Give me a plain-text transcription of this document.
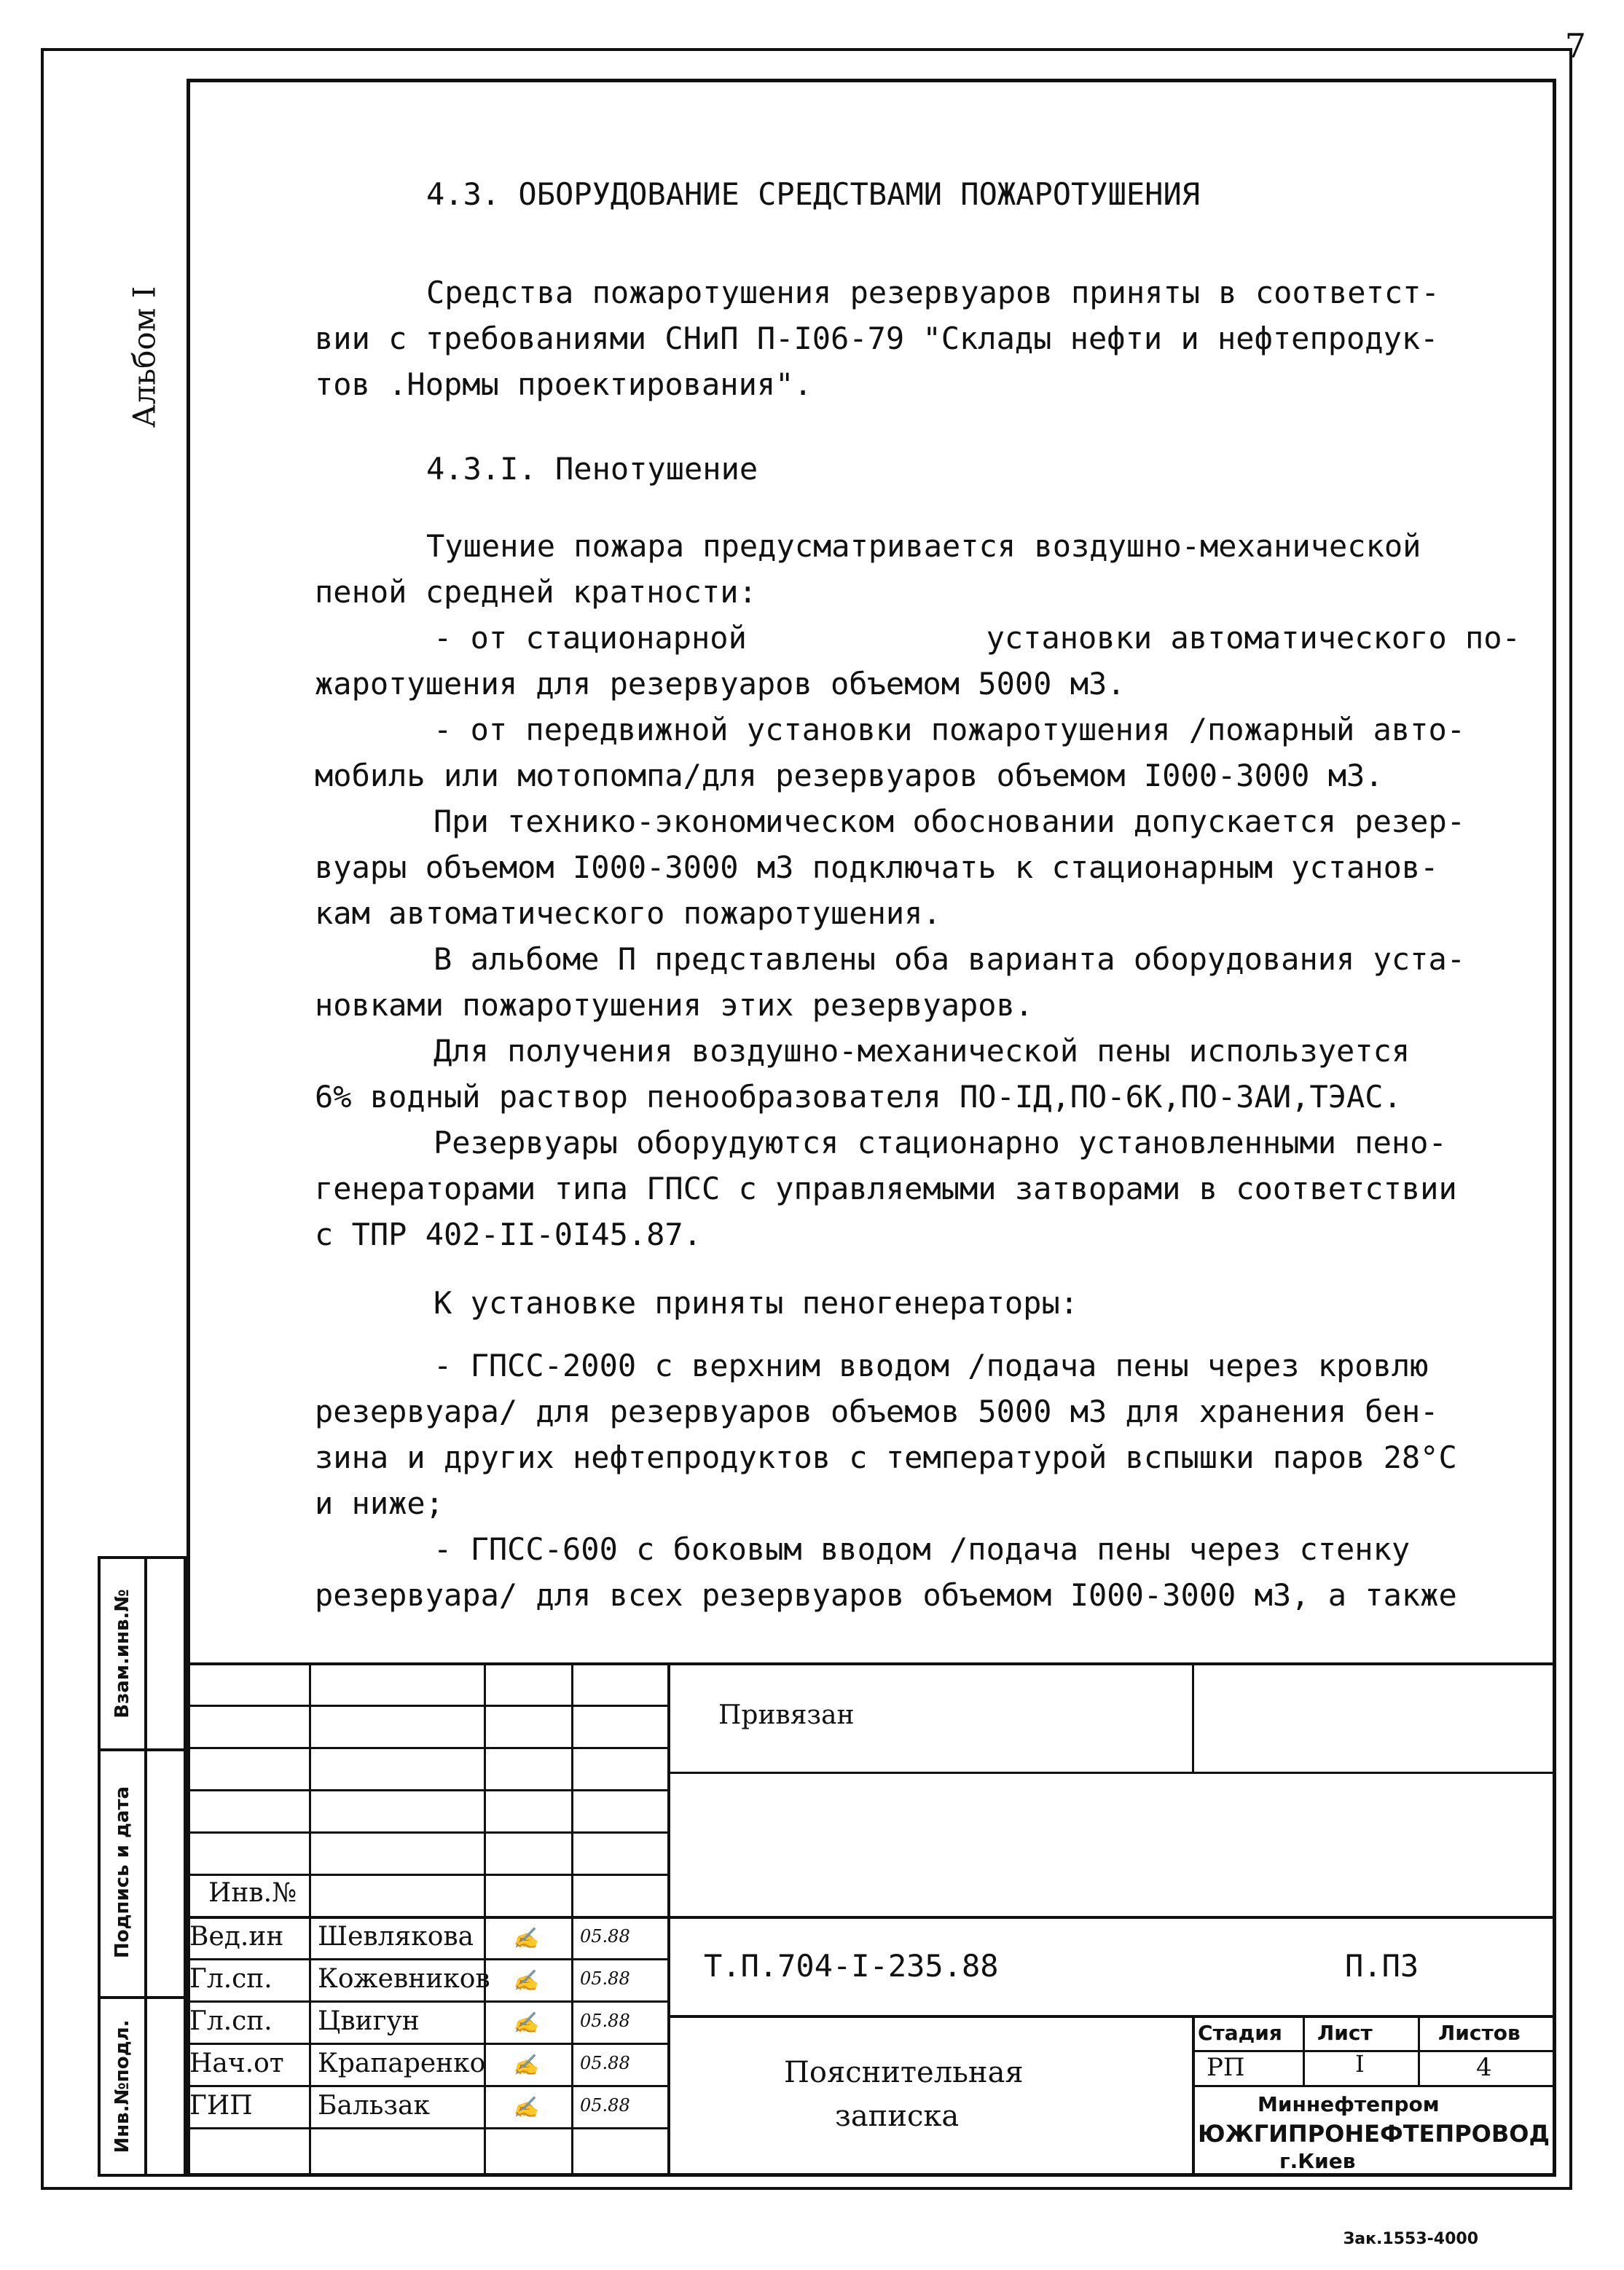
7
Альбом I
4.3. ОБОРУДОВАНИЕ СРЕДСТВАМИ ПОЖАРОТУШЕНИЯ
Средства пожаротушения резервуаров приняты в соответст-
вии с требованиями СНиП П-I06-79 "Склады нефти и нефтепродук-
тов .Нормы проектирования".
4.3.I. Пенотушение
Тушение пожара предусматривается воздушно-механической
пеной средней кратности:
- от стационарной             установки автоматического по-
жаротушения для резервуаров объемом 5000 м3.
- от передвижной установки пожаротушения /пожарный авто-
мобиль или мотопомпа/для резервуаров объемом I000-3000 м3.
При технико-экономическом обосновании допускается резер-
вуары объемом I000-3000 м3 подключать к стационарным установ-
кам автоматического пожаротушения.
В альбоме П представлены оба варианта оборудования уста-
новками пожаротушения этих резервуаров.
Для получения воздушно-механической пены используется
6% водный раствор пенообразователя ПО-IД,ПО-6К,ПО-ЗАИ,ТЭАС.
Резервуары оборудуются стационарно установленными пено-
генераторами типа ГПСС с управляемыми затворами в соответствии
с ТПР 402-II-0I45.87.
К установке приняты пеногенераторы:
- ГПСС-2000 с верхним вводом /подача пены через кровлю
резервуара/ для резервуаров объемов 5000 м3 для хранения бен-
зина и других нефтепродуктов с температурой вспышки паров 28°С
и ниже;
- ГПСС-600 с боковым вводом /подача пены через стенку
резервуара/ для всех резервуаров объемом I000-3000 м3, а также
Взам.инв.№
Подпись и дата
Инв.№подл.
Привязан
Инв.№
Вед.ин Шевлякова ✍ 05.88
Гл.сп. Кожевников ✍ 05.88
Гл.сп. Цвигун	✍ 05.88
Нач.от Крапаренко ✍ 05.88
ГИП Бальзак	✍ 05.88
Т.П.704-I-235.88	П.ПЗ
Пояснительная
записка
Стадия Лист	Листов
РП	I	4
Миннефтепром
ЮЖГИПРОНЕФТЕПРОВОД
г.Киев
Зак.1553-4000
